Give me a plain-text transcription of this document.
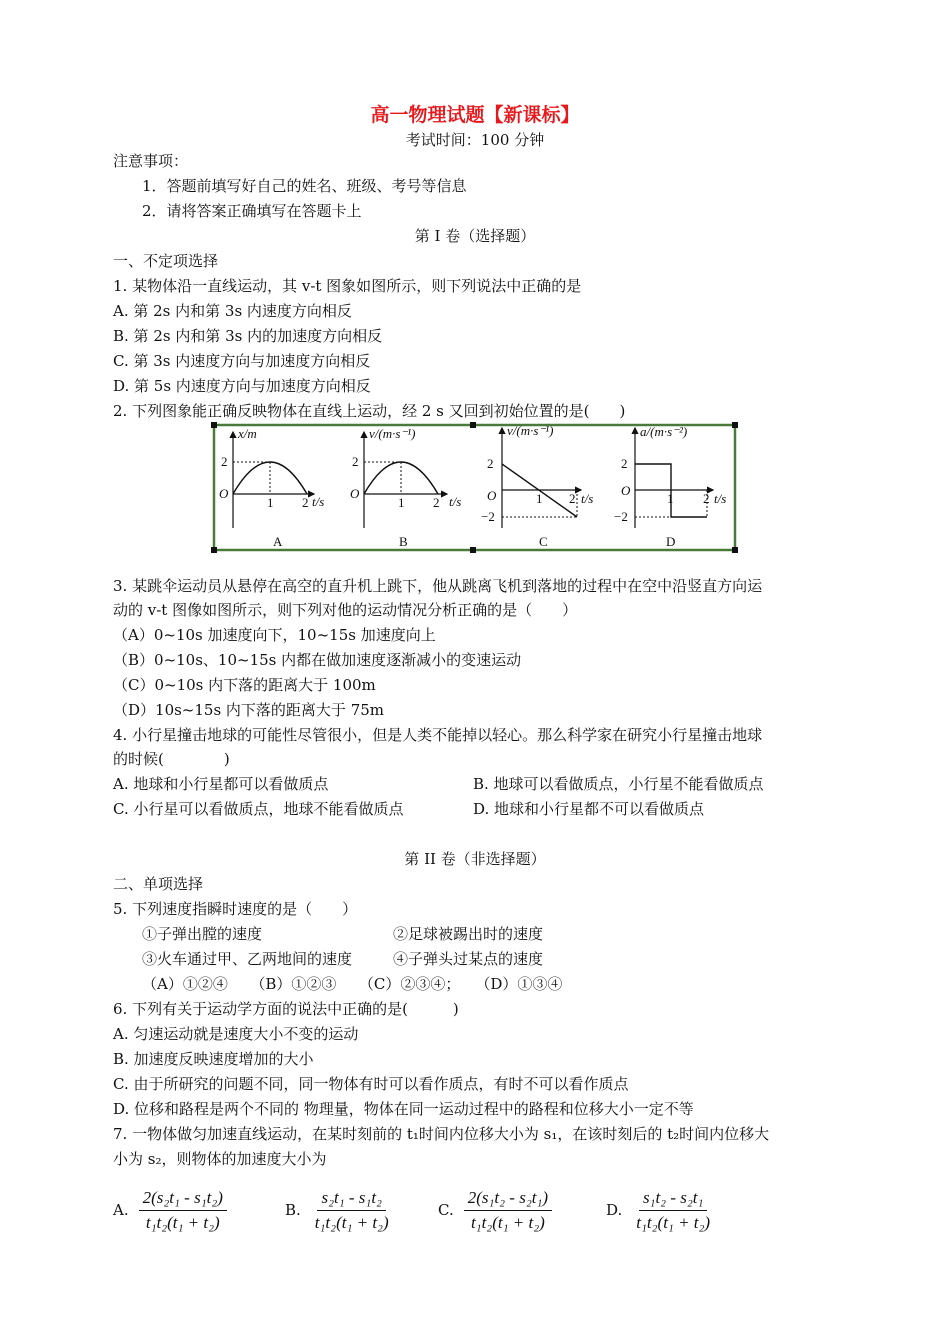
高一物理试题【新课标】
考试时间：100 分钟
注意事项：
1．答题前填写好自己的姓名、班级、考号等信息
2．请将答案正确填写在答题卡上
第 I 卷（选择题）
一、不定项选择
1. 某物体沿一直线运动，其 v-t 图象如图所示，则下列说法中正确的是
A. 第 2s 内和第 3s 内速度方向相反
B. 第 2s 内和第 3s 内的加速度方向相反
C. 第 3s 内速度方向与加速度方向相反
D. 第 5s 内速度方向与加速度方向相反
2. 下列图象能正确反映物体在直线上运动，经 2 s 又回到初始位置的是(　　)
x/m
2
O
1 2 t/s
A
v/(m·s⁻¹)
2
O
1 2 t/s
B
v/(m·s⁻¹)
2
O
−2
1 2 t/s
C
a/(m·s⁻²)
2
O
−2
1 2 t/s
D
3. 某跳伞运动员从悬停在高空的直升机上跳下，他从跳离飞机到落地的过程中在空中沿竖直方向运
动的 v-t 图像如图所示，则下列对他的运动情况分析正确的是（　　）
（A）0~10s 加速度向下，10~15s 加速度向上
（B）0~10s、10~15s 内都在做加速度逐渐减小的变速运动
（C）0~10s 内下落的距离大于 100m
（D）10s~15s 内下落的距离大于 75m
4. 小行星撞击地球的可能性尽管很小，但是人类不能掉以轻心。那么科学家在研究小行星撞击地球
的时候(　　　　)
A. 地球和小行星都可以看做质点	B. 地球可以看做质点，小行星不能看做质点
C. 小行星可以看做质点，地球不能看做质点	D. 地球和小行星都不可以看做质点
第 II 卷（非选择题）
二、单项选择
5. 下列速度指瞬时速度的是（　　）
①子弹出膛的速度	②足球被踢出时的速度
③火车通过甲、乙两地间的速度	④子弹头过某点的速度
（A）①②④　　（B）①②③　　（C）②③④；　　（D）①③④
6. 下列有关于运动学方面的说法中正确的是(　　　)
A. 匀速运动就是速度大小不变的运动
B. 加速度反映速度增加的大小
C. 由于所研究的问题不同，同一物体有时可以看作质点，有时不可以看作质点
D. 位移和路程是两个不同的 物理量，物体在同一运动过程中的路程和位移大小一定不等
7. 一物体做匀加速直线运动，在某时刻前的 t₁时间内位移大小为 s₁，在该时刻后的 t₂时间内位移大
小为 s₂，则物体的加速度大小为
A. $\frac{\text{2(s₂t₁ - s₁t₂)}}{\text{t₁t₂(t₁ + t₂)}}$	B. $\frac{\text{s₂t₁ - s₁t₂}}{\text{t₁t₂(t₁ + t₂)}}$	C. $\frac{\text{2(s₁t₂ - s₂t₁)}}{\text{t₁t₂(t₁ + t₂)}}$	D. $\frac{\text{s₁t₂ - s₂t₁}}{\text{t₁t₂(t₁ + t₂)}}$
